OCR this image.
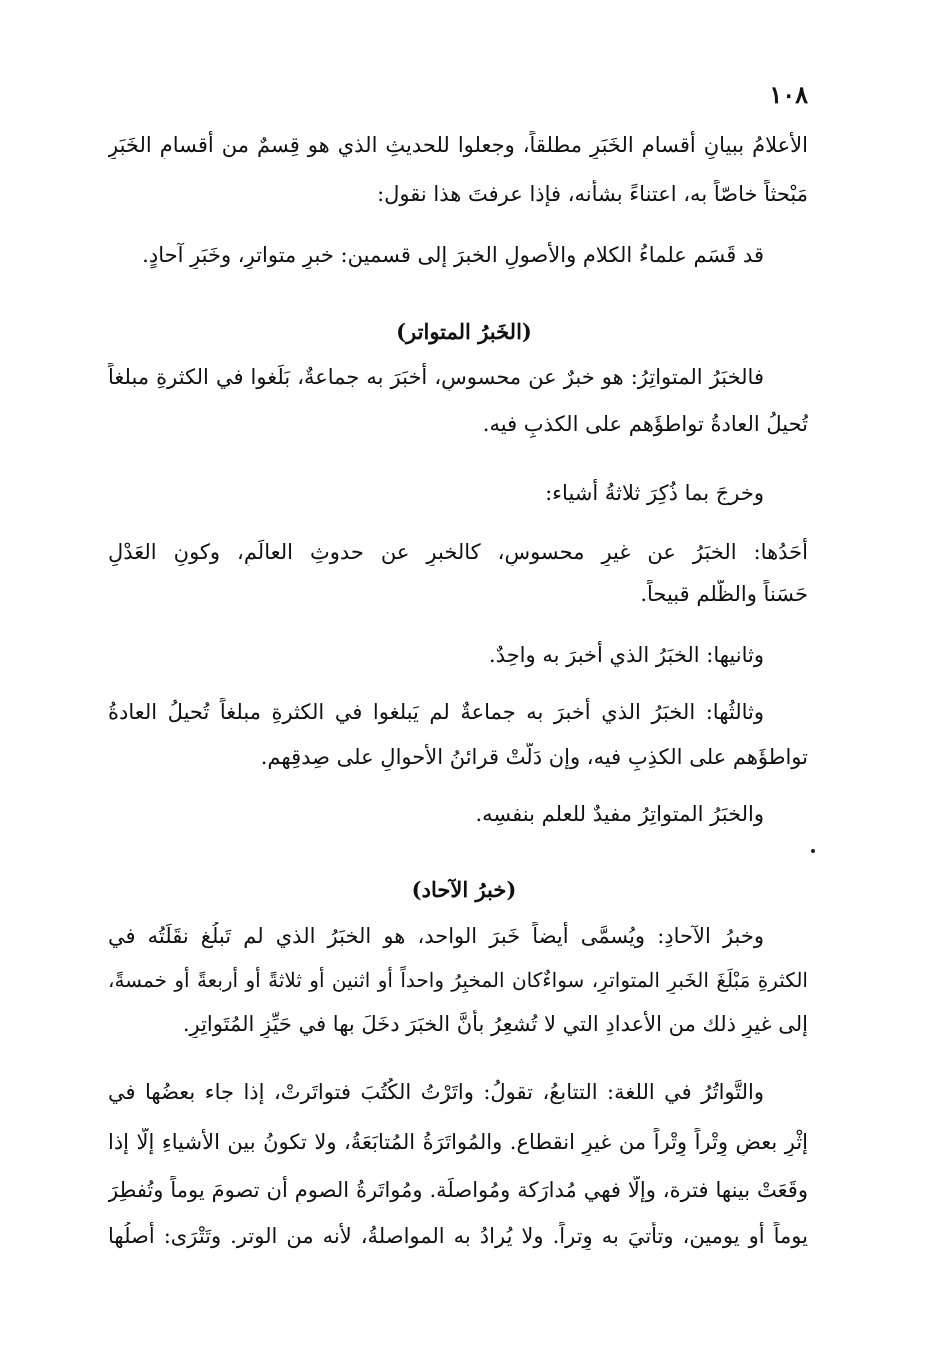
١٠٨
الأعلامُ ببيانِ أقسامِ الخَبَرِ مطلقاً، وجعلوا للحديثِ الذي هو قِسمٌ من أقسامِ الخَبَرِ
مَبْحثاً خاصّاً به، اعتناءً بشأنه، فإذا عرفتَ هذا نقول:
قد قَسَم علماءُ الكلامِ والأصولِ الخبرَ إلى قسمين: خبرٍ متواترٍ، وخَبَرِ آحادٍ.
(الخَبرُ المتواتر)
فالخبَرُ المتواتِرُ: هو خبرٌ عن محسوسٍ، أخبَرَ به جماعةٌ، بَلَغوا في الكثرةِ مبلغاً
تُحيلُ العادةُ تواطؤَهم على الكذبِ فيه.
وخرجَ بما ذُكِرَ ثلاثةُ أشياء:
أحَدُها: الخبَرُ عن غيرِ محسوسٍ، كالخبرِ عن حدوثِ العالَمِ، وكونِ العَدْلِ
حَسَناً والظُّلم قبيحاً.
وثانيها: الخبَرُ الذي أخبرَ به واحِدٌ.
وثالثُها: الخبَرُ الذي أَخبرَ به جماعةٌ لم يَبلغوا في الكثرةِ مبلغاً تُحيلُ العادةُ
تواطؤَهم على الكذِبِ فيه، وإن دَلَّتْ قرائنُ الأحوالِ على صِدقِهم.
والخبَرُ المتواتِرُ مفيدٌ للعلم بنفسِه.
(خبرُ الآحاد)
وخبرُ الآحادِ: ويُسمَّى أيضاً خَبرَ الواحد، هو الخبَرُ الذي لم تَبلُغ نقَلَتُه في
الكثرةِ مَبْلَغَ الخَبرِ المتواترِ، سواءٌكان المخبِرُ واحداً أو اثنين أو ثلاثةً أو أربعةً أو خمسةً،
إلى غيرِ ذلك من الأعدادِ التي لا تُشعِرُ بأنَّ الخبَرَ دخَلَ بها في حَيِّزِ المُتَواتِرِ.
والتَّواتُرُ في اللغة: التتابعُ، تقولُ: واتَرْتُ الكُتُبَ فتواتَرتْ، إذا جاء بعضُها في
إثْرِ بعضٍ وِتْراً وِتْراً من غيرِ انقطاع. والمُواتَرَةُ المُتابَعَةُ، ولا تكونُ بين الأشياءِ إلّا إذا
وقَعَتْ بينها فترة، وإلّا فهي مُدارَكة ومُواصلَة. ومُواتَرةُ الصومِ أن تصومَ يوماً وتُفطِرَ
يوماً أو يومين، وتأتيَ به وِتراً. ولا يُرادُ به المواصلةُ، لأنه من الوتر. وتَتْرَى: أصلُها
